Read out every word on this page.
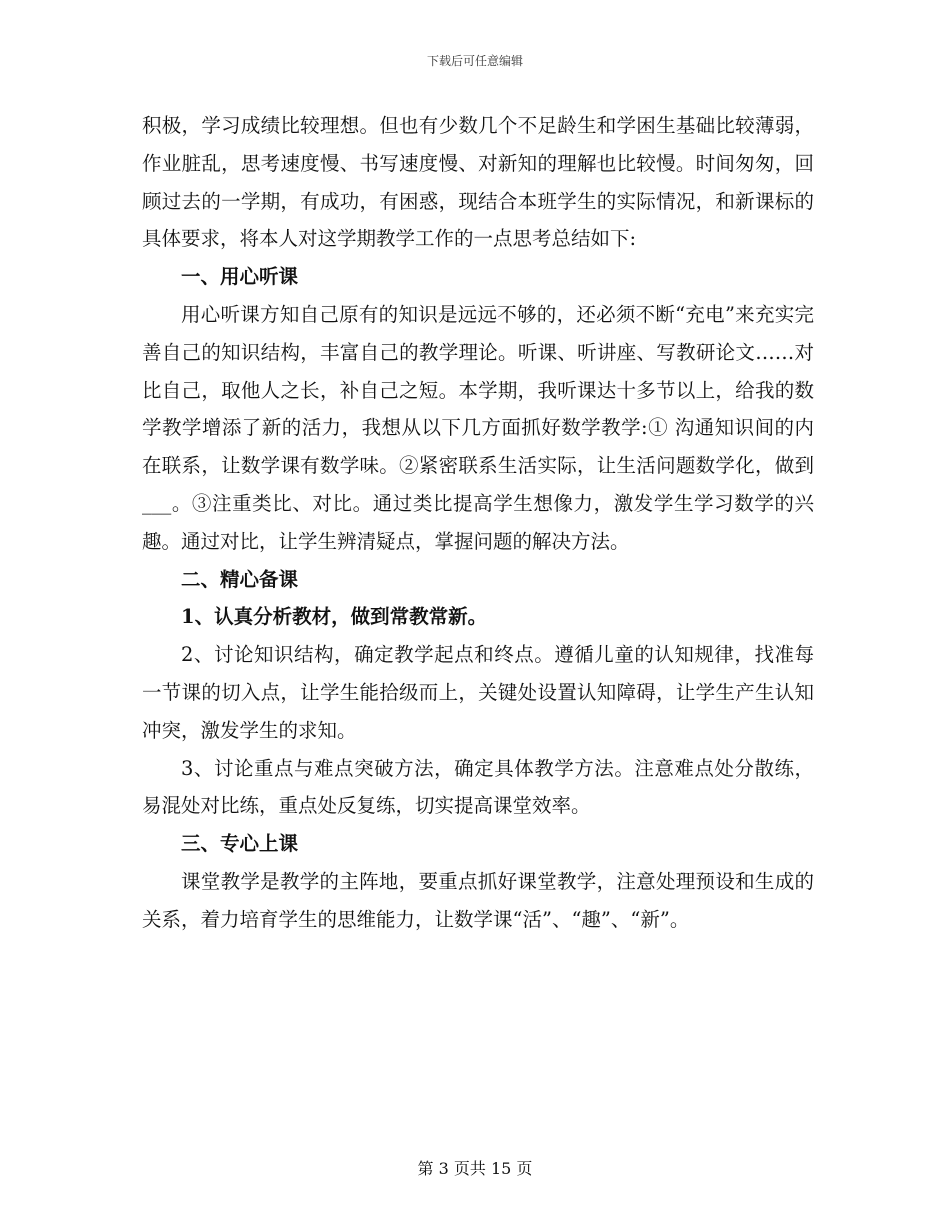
下载后可任意编辑

积极，学习成绩比较理想。但也有少数几个不足龄生和学困生基础比较薄弱，作业脏乱，思考速度慢、书写速度慢、对新知的理解也比较慢。时间匆匆，回顾过去的一学期，有成功，有困惑，现结合本班学生的实际情况，和新课标的具体要求，将本人对这学期教学工作的一点思考总结如下:

一、用心听课

用心听课方知自己原有的知识是远远不够的，还必须不断“充电”来充实完善自己的知识结构，丰富自己的教学理论。听课、听讲座、写教研论文……对比自己，取他人之长，补自己之短。本学期，我听课达十多节以上，给我的数学教学增添了新的活力，我想从以下几方面抓好数学教学:① 沟通知识间的内在联系，让数学课有数学味。②紧密联系生活实际，让生活问题数学化，做到___。③注重类比、对比。通过类比提高学生想像力，激发学生学习数学的兴趣。通过对比，让学生辨清疑点，掌握问题的解决方法。

二、精心备课

1、认真分析教材，做到常教常新。

2、讨论知识结构，确定教学起点和终点。遵循儿童的认知规律，找准每一节课的切入点，让学生能拾级而上，关键处设置认知障碍，让学生产生认知冲突，激发学生的求知。

3、讨论重点与难点突破方法，确定具体教学方法。注意难点处分散练，易混处对比练，重点处反复练，切实提高课堂效率。

三、专心上课

课堂教学是教学的主阵地，要重点抓好课堂教学，注意处理预设和生成的关系，着力培育学生的思维能力，让数学课“活”、“趣”、“新”。

第 3 页共 15 页
